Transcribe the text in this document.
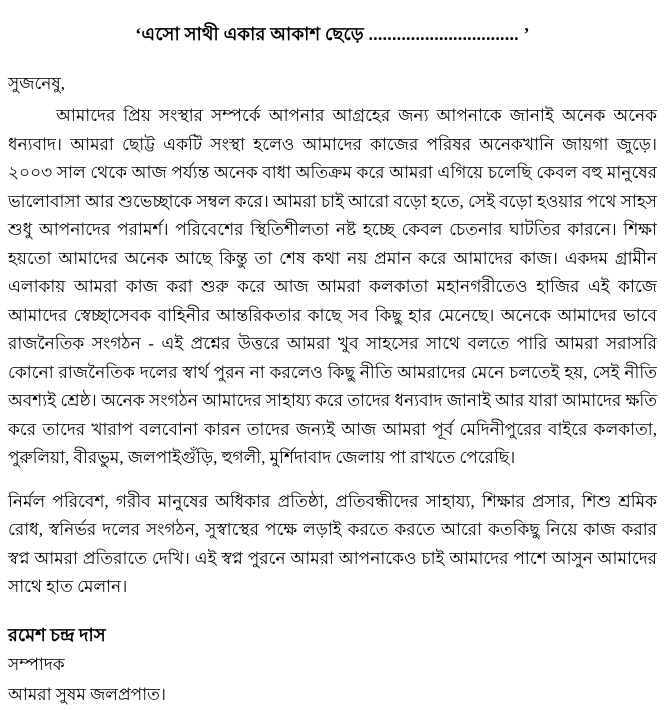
‘এসো সাথী একার আকাশ ছেড়ে ................................ ’

সুজনেষু,

আমাদের প্রিয় সংস্থার সম্পর্কে আপনার আগ্রহের জন্য আপনাকে জানাই অনেক অনেক ধন্যবাদ। আমরা ছোট্ট একটি সংস্থা হলেও আমাদের কাজের পরিষর অনেকখানি জায়গা জুড়ে। ২০০৩ সাল থেকে আজ পর্য্যন্ত অনেক বাধা অতিক্রম করে আমরা এগিয়ে চলেছি কেবল বহু মানুষের ভালোবাসা আর শুভেচ্ছাকে সম্বল করে। আমরা চাই আরো বড়ো হতে, সেই বড়ো হওয়ার পথে সাহস শুধু আপনাদের পরামর্শ। পরিবেশের স্থিতিশীলতা নষ্ট হচ্ছে কেবল চেতনার ঘাটতির কারনে। শিক্ষা হয়তো আমাদের অনেক আছে কিন্তু তা শেষ কথা নয় প্রমান করে আমাদের কাজ। একদম গ্রামীন এলাকায় আমরা কাজ করা শুরু করে আজ আমরা কলকাতা মহানগরীতেও হাজির এই কাজে আমাদের স্বেচ্ছাসেবক বাহিনীর আন্তরিকতার কাছে সব কিছু হার মেনেছে। অনেকে আমাদের ভাবে রাজনৈতিক সংগঠন - এই প্রশ্নের উত্তরে আমরা খুব সাহসের সাথে বলতে পারি আমরা সরাসরি কোনো রাজনৈতিক দলের স্বার্থ পুরন না করলেও কিছু নীতি আমরাদের মেনে চলতেই হয়, সেই নীতি অবশ্যই শ্রেষ্ঠ। অনেক সংগঠন আমাদের সাহায্য করে তাদের ধন্যবাদ জানাই আর যারা আমাদের ক্ষতি করে তাদের খারাপ বলবোনা কারন তাদের জন্যই আজ আমরা পূর্ব মেদিনীপুরের বাইরে কলকাতা, পুরুলিয়া, বীরভুম, জলপাইগুঁড়ি, হুগলী, মুর্শিদাবাদ জেলায় পা রাখতে পেরেছি।

নির্মল পরিবেশ, গরীব মানুষের অধিকার প্রতিষ্ঠা, প্রতিবন্ধীদের সাহায্য, শিক্ষার প্রসার, শিশু শ্রমিক রোধ, স্বনির্ভর দলের সংগঠন, সুস্বাস্থের পক্ষে লড়াই করতে করতে আরো কতকিছু নিয়ে কাজ করার স্বপ্ন আমরা প্রতিরাতে দেখি। এই স্বপ্ন পুরনে আমরা আপনাকেও চাই আমাদের পাশে আসুন আমাদের সাথে হাত মেলান।

রমেশ চন্দ্র দাস

সম্পাদক

আমরা সুষম জলপ্রপাত।
